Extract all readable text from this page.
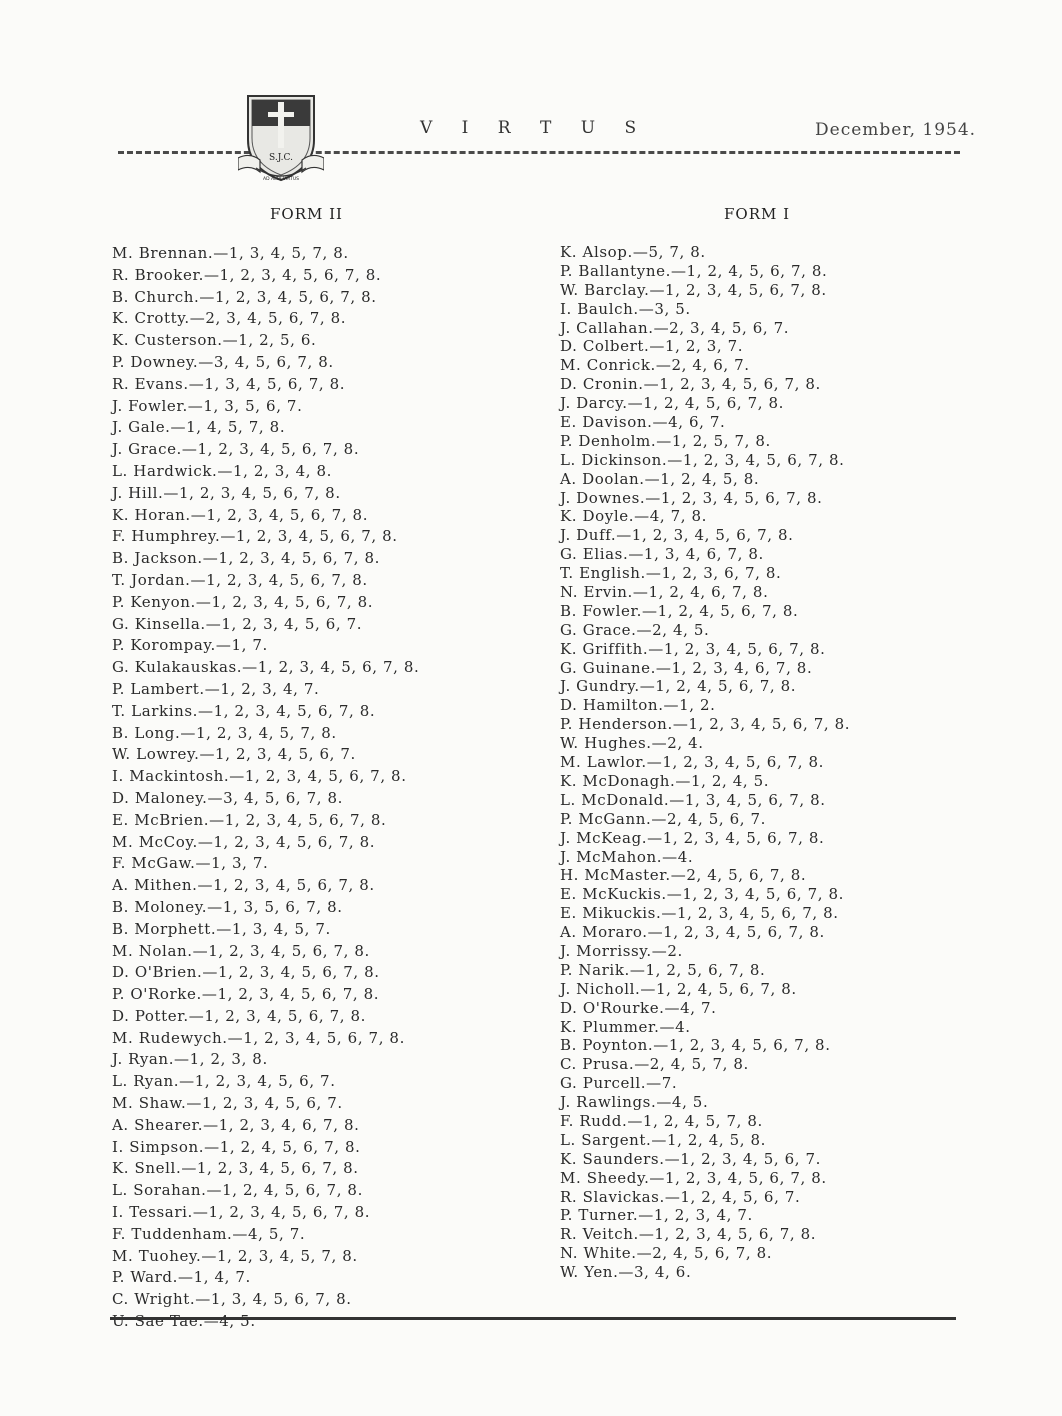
S.J.C.
AD ALTA VIRTUS
V I R T U S	December, 1954.
FORM II
M. Brennan.—1, 3, 4, 5, 7, 8.
R. Brooker.—1, 2, 3, 4, 5, 6, 7, 8.
B. Church.—1, 2, 3, 4, 5, 6, 7, 8.
K. Crotty.—2, 3, 4, 5, 6, 7, 8.
K. Custerson.—1, 2, 5, 6.
P. Downey.—3, 4, 5, 6, 7, 8.
R. Evans.—1, 3, 4, 5, 6, 7, 8.
J. Fowler.—1, 3, 5, 6, 7.
J. Gale.—1, 4, 5, 7, 8.
J. Grace.—1, 2, 3, 4, 5, 6, 7, 8.
L. Hardwick.—1, 2, 3, 4, 8.
J. Hill.—1, 2, 3, 4, 5, 6, 7, 8.
K. Horan.—1, 2, 3, 4, 5, 6, 7, 8.
F. Humphrey.—1, 2, 3, 4, 5, 6, 7, 8.
B. Jackson.—1, 2, 3, 4, 5, 6, 7, 8.
T. Jordan.—1, 2, 3, 4, 5, 6, 7, 8.
P. Kenyon.—1, 2, 3, 4, 5, 6, 7, 8.
G. Kinsella.—1, 2, 3, 4, 5, 6, 7.
P. Korompay.—1, 7.
G. Kulakauskas.—1, 2, 3, 4, 5, 6, 7, 8.
P. Lambert.—1, 2, 3, 4, 7.
T. Larkins.—1, 2, 3, 4, 5, 6, 7, 8.
B. Long.—1, 2, 3, 4, 5, 7, 8.
W. Lowrey.—1, 2, 3, 4, 5, 6, 7.
I. Mackintosh.—1, 2, 3, 4, 5, 6, 7, 8.
D. Maloney.—3, 4, 5, 6, 7, 8.
E. McBrien.—1, 2, 3, 4, 5, 6, 7, 8.
M. McCoy.—1, 2, 3, 4, 5, 6, 7, 8.
F. McGaw.—1, 3, 7.
A. Mithen.—1, 2, 3, 4, 5, 6, 7, 8.
B. Moloney.—1, 3, 5, 6, 7, 8.
B. Morphett.—1, 3, 4, 5, 7.
M. Nolan.—1, 2, 3, 4, 5, 6, 7, 8.
D. O'Brien.—1, 2, 3, 4, 5, 6, 7, 8.
P. O'Rorke.—1, 2, 3, 4, 5, 6, 7, 8.
D. Potter.—1, 2, 3, 4, 5, 6, 7, 8.
M. Rudewych.—1, 2, 3, 4, 5, 6, 7, 8.
J. Ryan.—1, 2, 3, 8.
L. Ryan.—1, 2, 3, 4, 5, 6, 7.
M. Shaw.—1, 2, 3, 4, 5, 6, 7.
A. Shearer.—1, 2, 3, 4, 6, 7, 8.
I. Simpson.—1, 2, 4, 5, 6, 7, 8.
K. Snell.—1, 2, 3, 4, 5, 6, 7, 8.
L. Sorahan.—1, 2, 4, 5, 6, 7, 8.
I. Tessari.—1, 2, 3, 4, 5, 6, 7, 8.
F. Tuddenham.—4, 5, 7.
M. Tuohey.—1, 2, 3, 4, 5, 7, 8.
P. Ward.—1, 4, 7.
C. Wright.—1, 3, 4, 5, 6, 7, 8.
U. Sae Tae.—4, 5.
FORM I
K. Alsop.—5, 7, 8.
P. Ballantyne.—1, 2, 4, 5, 6, 7, 8.
W. Barclay.—1, 2, 3, 4, 5, 6, 7, 8.
I. Baulch.—3, 5.
J. Callahan.—2, 3, 4, 5, 6, 7.
D. Colbert.—1, 2, 3, 7.
M. Conrick.—2, 4, 6, 7.
D. Cronin.—1, 2, 3, 4, 5, 6, 7, 8.
J. Darcy.—1, 2, 4, 5, 6, 7, 8.
E. Davison.—4, 6, 7.
P. Denholm.—1, 2, 5, 7, 8.
L. Dickinson.—1, 2, 3, 4, 5, 6, 7, 8.
A. Doolan.—1, 2, 4, 5, 8.
J. Downes.—1, 2, 3, 4, 5, 6, 7, 8.
K. Doyle.—4, 7, 8.
J. Duff.—1, 2, 3, 4, 5, 6, 7, 8.
G. Elias.—1, 3, 4, 6, 7, 8.
T. English.—1, 2, 3, 6, 7, 8.
N. Ervin.—1, 2, 4, 6, 7, 8.
B. Fowler.—1, 2, 4, 5, 6, 7, 8.
G. Grace.—2, 4, 5.
K. Griffith.—1, 2, 3, 4, 5, 6, 7, 8.
G. Guinane.—1, 2, 3, 4, 6, 7, 8.
J. Gundry.—1, 2, 4, 5, 6, 7, 8.
D. Hamilton.—1, 2.
P. Henderson.—1, 2, 3, 4, 5, 6, 7, 8.
W. Hughes.—2, 4.
M. Lawlor.—1, 2, 3, 4, 5, 6, 7, 8.
K. McDonagh.—1, 2, 4, 5.
L. McDonald.—1, 3, 4, 5, 6, 7, 8.
P. McGann.—2, 4, 5, 6, 7.
J. McKeag.—1, 2, 3, 4, 5, 6, 7, 8.
J. McMahon.—4.
H. McMaster.—2, 4, 5, 6, 7, 8.
E. McKuckis.—1, 2, 3, 4, 5, 6, 7, 8.
E. Mikuckis.—1, 2, 3, 4, 5, 6, 7, 8.
A. Moraro.—1, 2, 3, 4, 5, 6, 7, 8.
J. Morrissy.—2.
P. Narik.—1, 2, 5, 6, 7, 8.
J. Nicholl.—1, 2, 4, 5, 6, 7, 8.
D. O'Rourke.—4, 7.
K. Plummer.—4.
B. Poynton.—1, 2, 3, 4, 5, 6, 7, 8.
C. Prusa.—2, 4, 5, 7, 8.
G. Purcell.—7.
J. Rawlings.—4, 5.
F. Rudd.—1, 2, 4, 5, 7, 8.
L. Sargent.—1, 2, 4, 5, 8.
K. Saunders.—1, 2, 3, 4, 5, 6, 7.
M. Sheedy.—1, 2, 3, 4, 5, 6, 7, 8.
R. Slavickas.—1, 2, 4, 5, 6, 7.
P. Turner.—1, 2, 3, 4, 7.
R. Veitch.—1, 2, 3, 4, 5, 6, 7, 8.
N. White.—2, 4, 5, 6, 7, 8.
W. Yen.—3, 4, 6.
